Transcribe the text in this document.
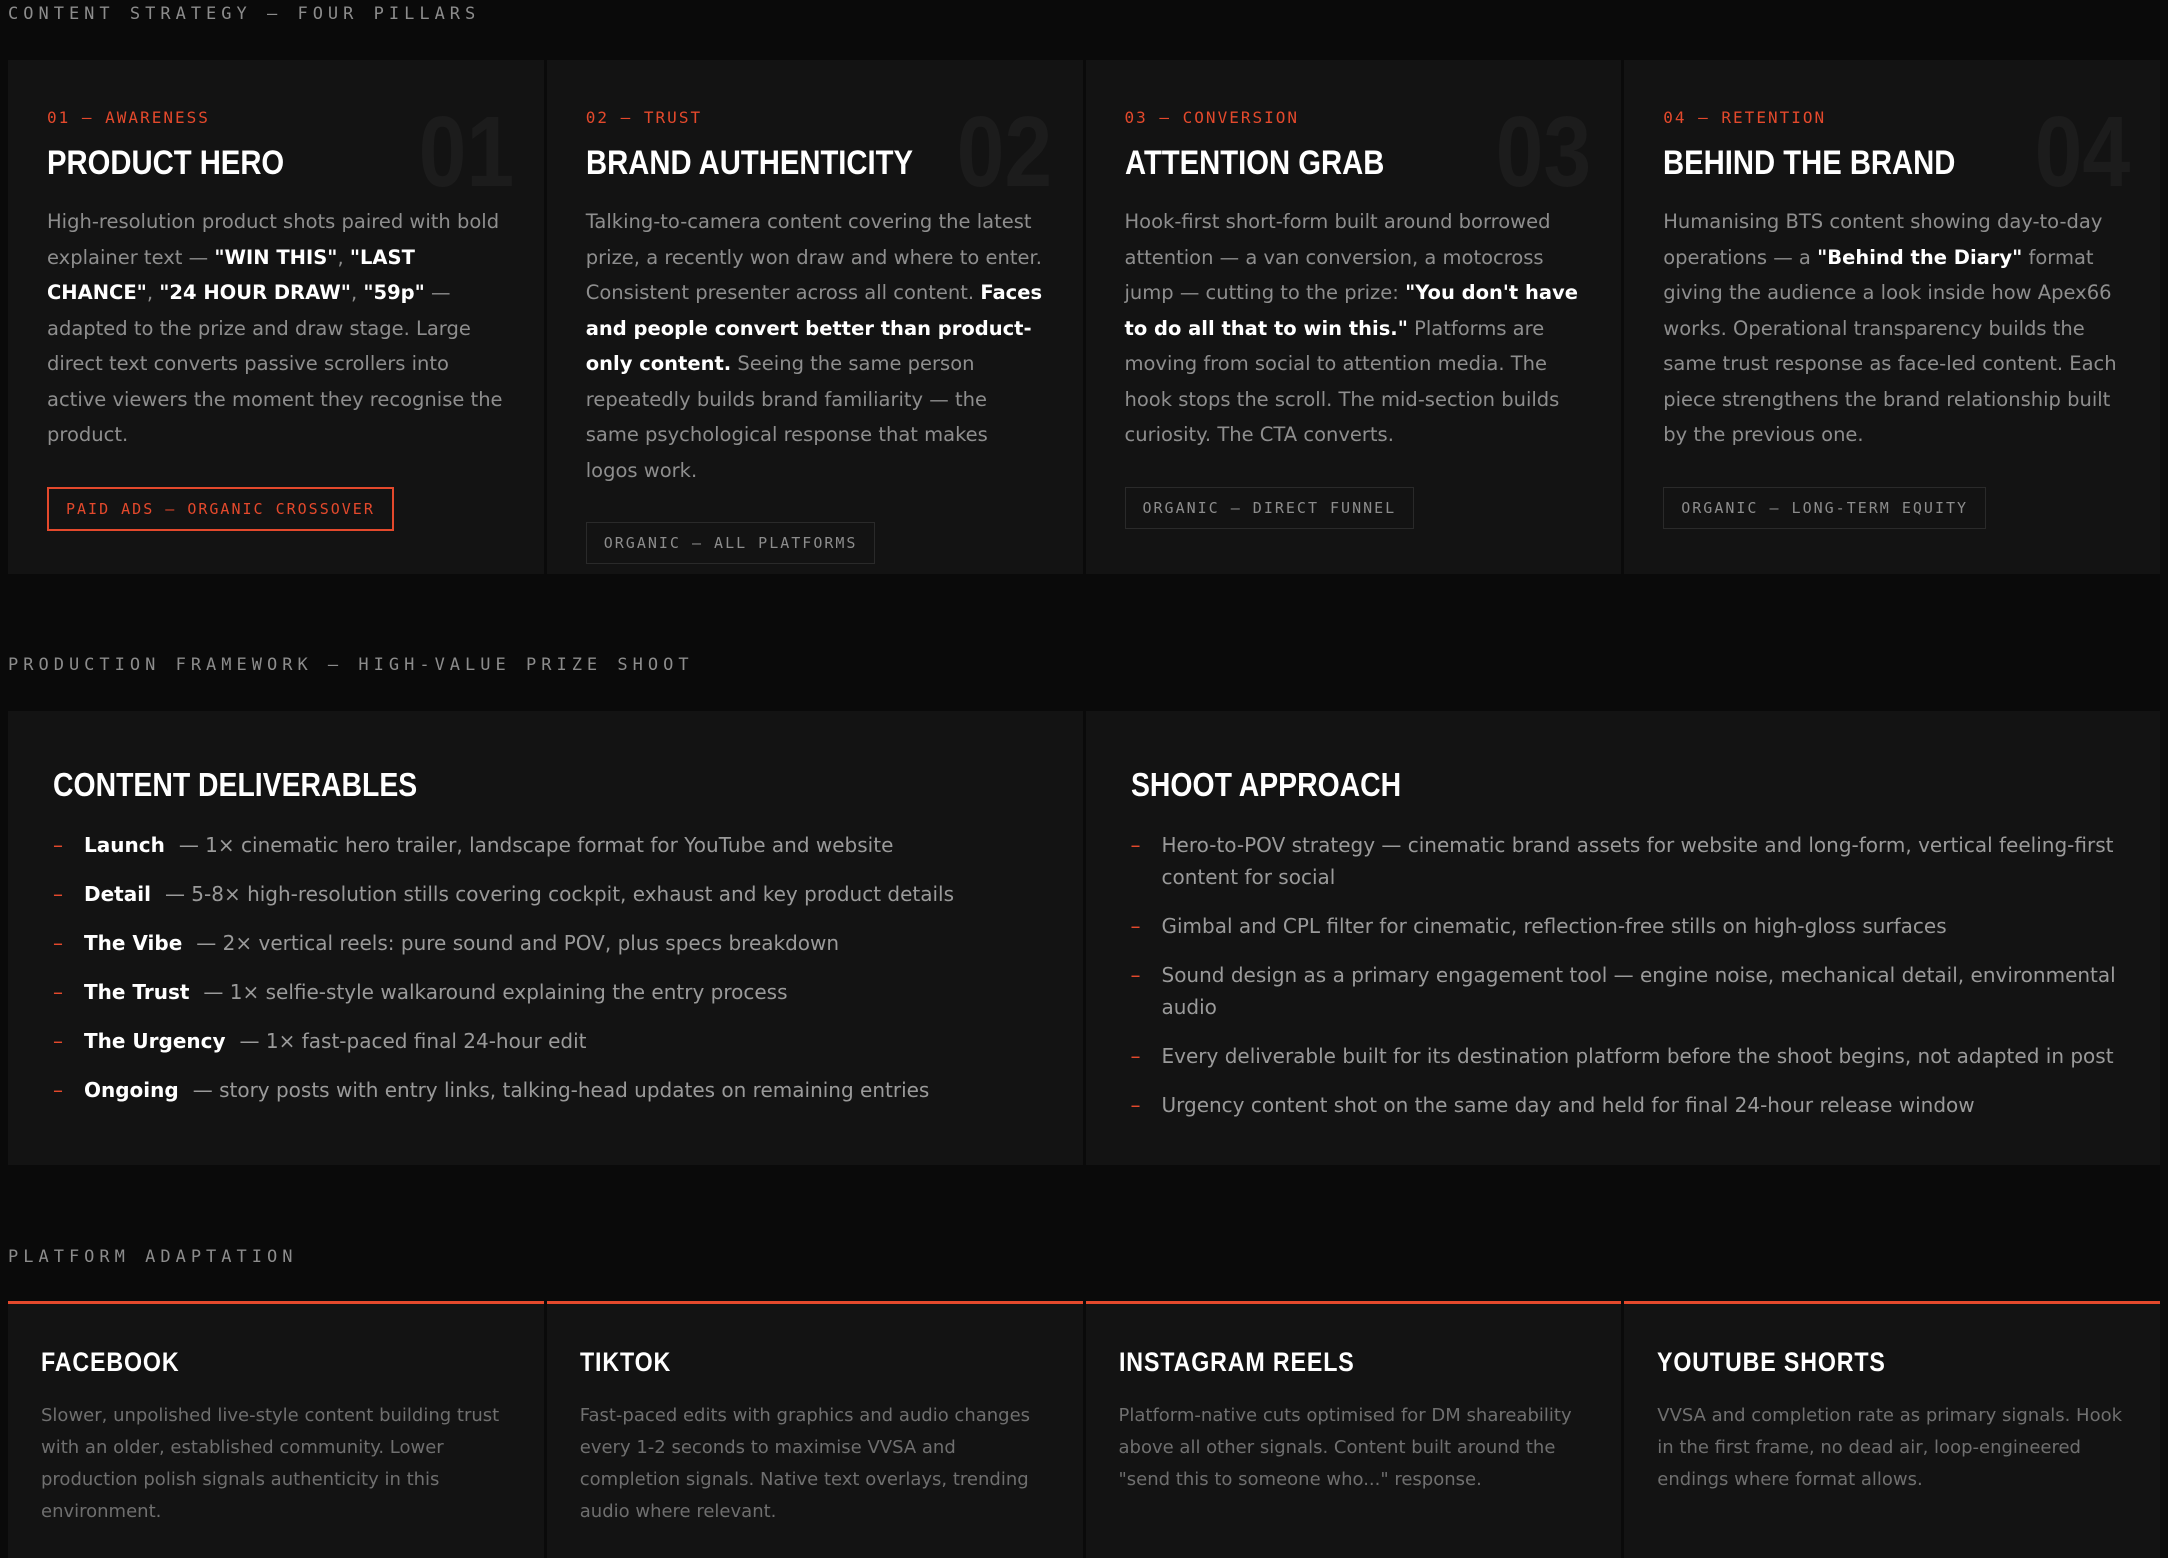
CONTENT STRATEGY — FOUR PILLARS
01
01 — AWARENESS
PRODUCT HERO

High-resolution product shots paired with bold explainer text — "WIN THIS", "LAST CHANCE", "24 HOUR DRAW", "59p" — adapted to the prize and draw stage. Large direct text converts passive scrollers into active viewers the moment they recognise the product.

PAID ADS — ORGANIC CROSSOVER
02
02 — TRUST
BRAND AUTHENTICITY

Talking-to-camera content covering the latest prize, a recently won draw and where to enter. Consistent presenter across all content. Faces and people convert better than product-only content. Seeing the same person repeatedly builds brand familiarity — the same psychological response that makes logos work.

ORGANIC — ALL PLATFORMS
03
03 — CONVERSION
ATTENTION GRAB

Hook-first short-form built around borrowed attention — a van conversion, a motocross jump — cutting to the prize: "You don't have to do all that to win this." Platforms are moving from social to attention media. The hook stops the scroll. The mid-section builds curiosity. The CTA converts.

ORGANIC — DIRECT FUNNEL
04
04 — RETENTION
BEHIND THE BRAND

Humanising BTS content showing day-to-day operations — a "Behind the Diary" format giving the audience a look inside how Apex66 works. Operational transparency builds the same trust response as face-led content. Each piece strengthens the brand relationship built by the previous one.

ORGANIC — LONG-TERM EQUITY
PRODUCTION FRAMEWORK — HIGH-VALUE PRIZE SHOOT
CONTENT DELIVERABLES
– Launch — 1× cinematic hero trailer, landscape format for YouTube and website
– Detail — 5-8× high-resolution stills covering cockpit, exhaust and key product details
– The Vibe — 2× vertical reels: pure sound and POV, plus specs breakdown
– The Trust — 1× selfie-style walkaround explaining the entry process
– The Urgency — 1× fast-paced final 24-hour edit
– Ongoing — story posts with entry links, talking-head updates on remaining entries
SHOOT APPROACH
– Hero-to-POV strategy — cinematic brand assets for website and long-form, vertical feeling-first content for social
– Gimbal and CPL filter for cinematic, reflection-free stills on high-gloss surfaces
– Sound design as a primary engagement tool — engine noise, mechanical detail, environmental audio
– Every deliverable built for its destination platform before the shoot begins, not adapted in post
– Urgency content shot on the same day and held for final 24-hour release window
PLATFORM ADAPTATION
FACEBOOK

Slower, unpolished live-style content building trust with an older, established community. Lower production polish signals authenticity in this environment.

TIKTOK

Fast-paced edits with graphics and audio changes every 1-2 seconds to maximise VVSA and completion signals. Native text overlays, trending audio where relevant.

INSTAGRAM REELS

Platform-native cuts optimised for DM shareability above all other signals. Content built around the "send this to someone who..." response.

YOUTUBE SHORTS

VVSA and completion rate as primary signals. Hook in the first frame, no dead air, loop-engineered endings where format allows.
